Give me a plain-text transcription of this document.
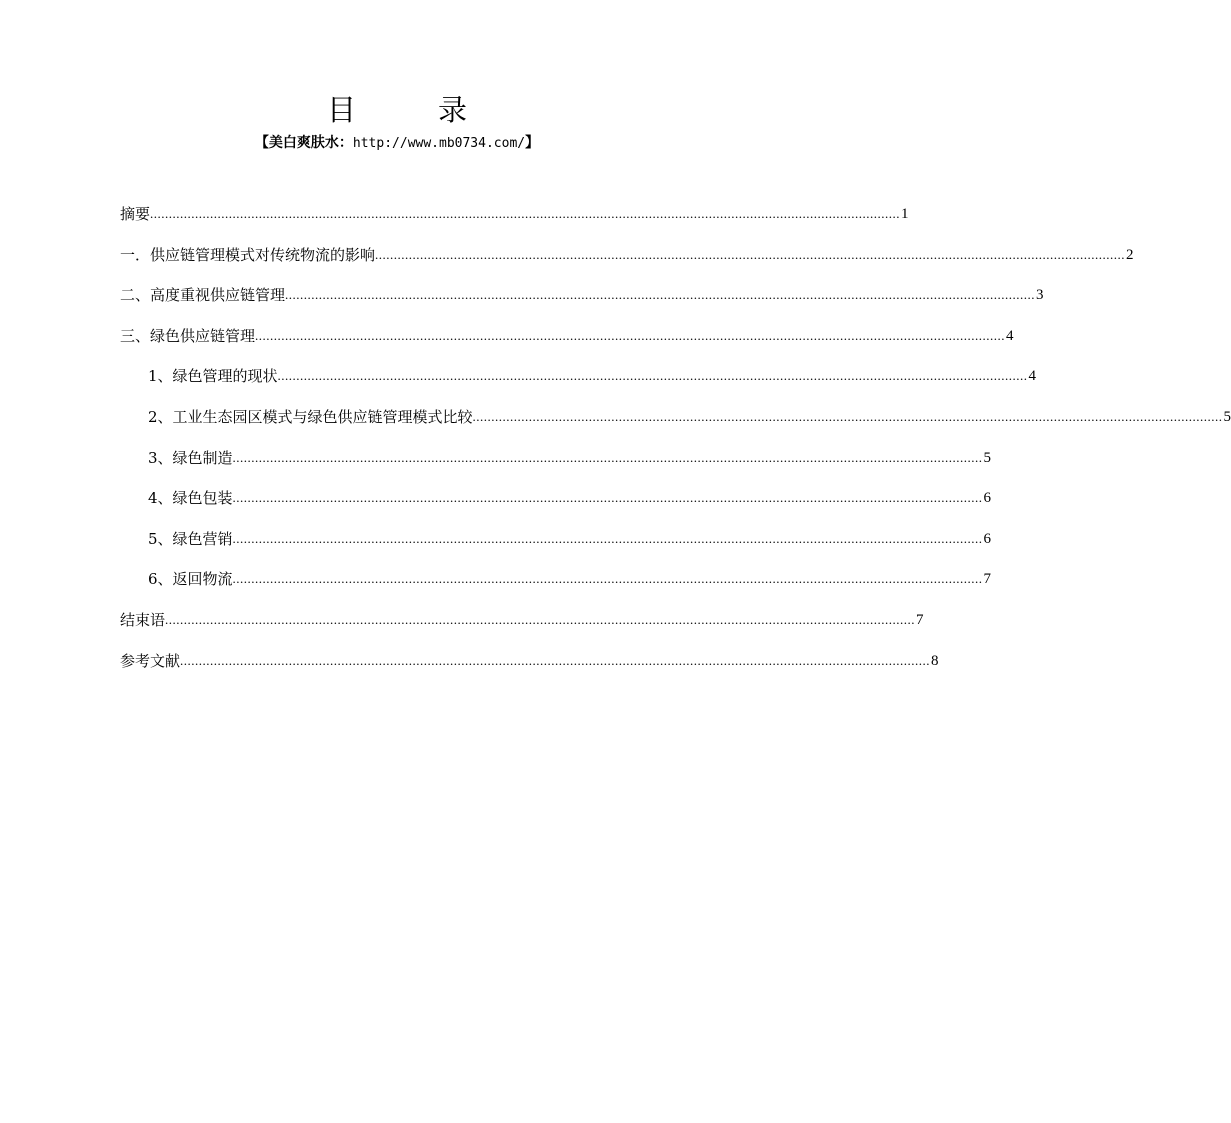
目	录
【美白爽肤水：http://www.mb0734.com/】
摘要 ........................................................................................................................................................................................................ 1
一．供应链管理模式对传统物流的影响 ........................................................................................................................................................................................................ 2
二、高度重视供应链管理 ........................................................................................................................................................................................................ 3
三、绿色供应链管理 ........................................................................................................................................................................................................ 4
1、绿色管理的现状 ........................................................................................................................................................................................................ 4
2、工业生态园区模式与绿色供应链管理模式比较 ........................................................................................................................................................................................................ 5
3、绿色制造 ........................................................................................................................................................................................................ 5
4、绿色包装 ........................................................................................................................................................................................................ 6
5、绿色营销 ........................................................................................................................................................................................................ 6
6、返回物流 ........................................................................................................................................................................................................ 7
结束语 ........................................................................................................................................................................................................ 7
参考文献 ........................................................................................................................................................................................................ 8
